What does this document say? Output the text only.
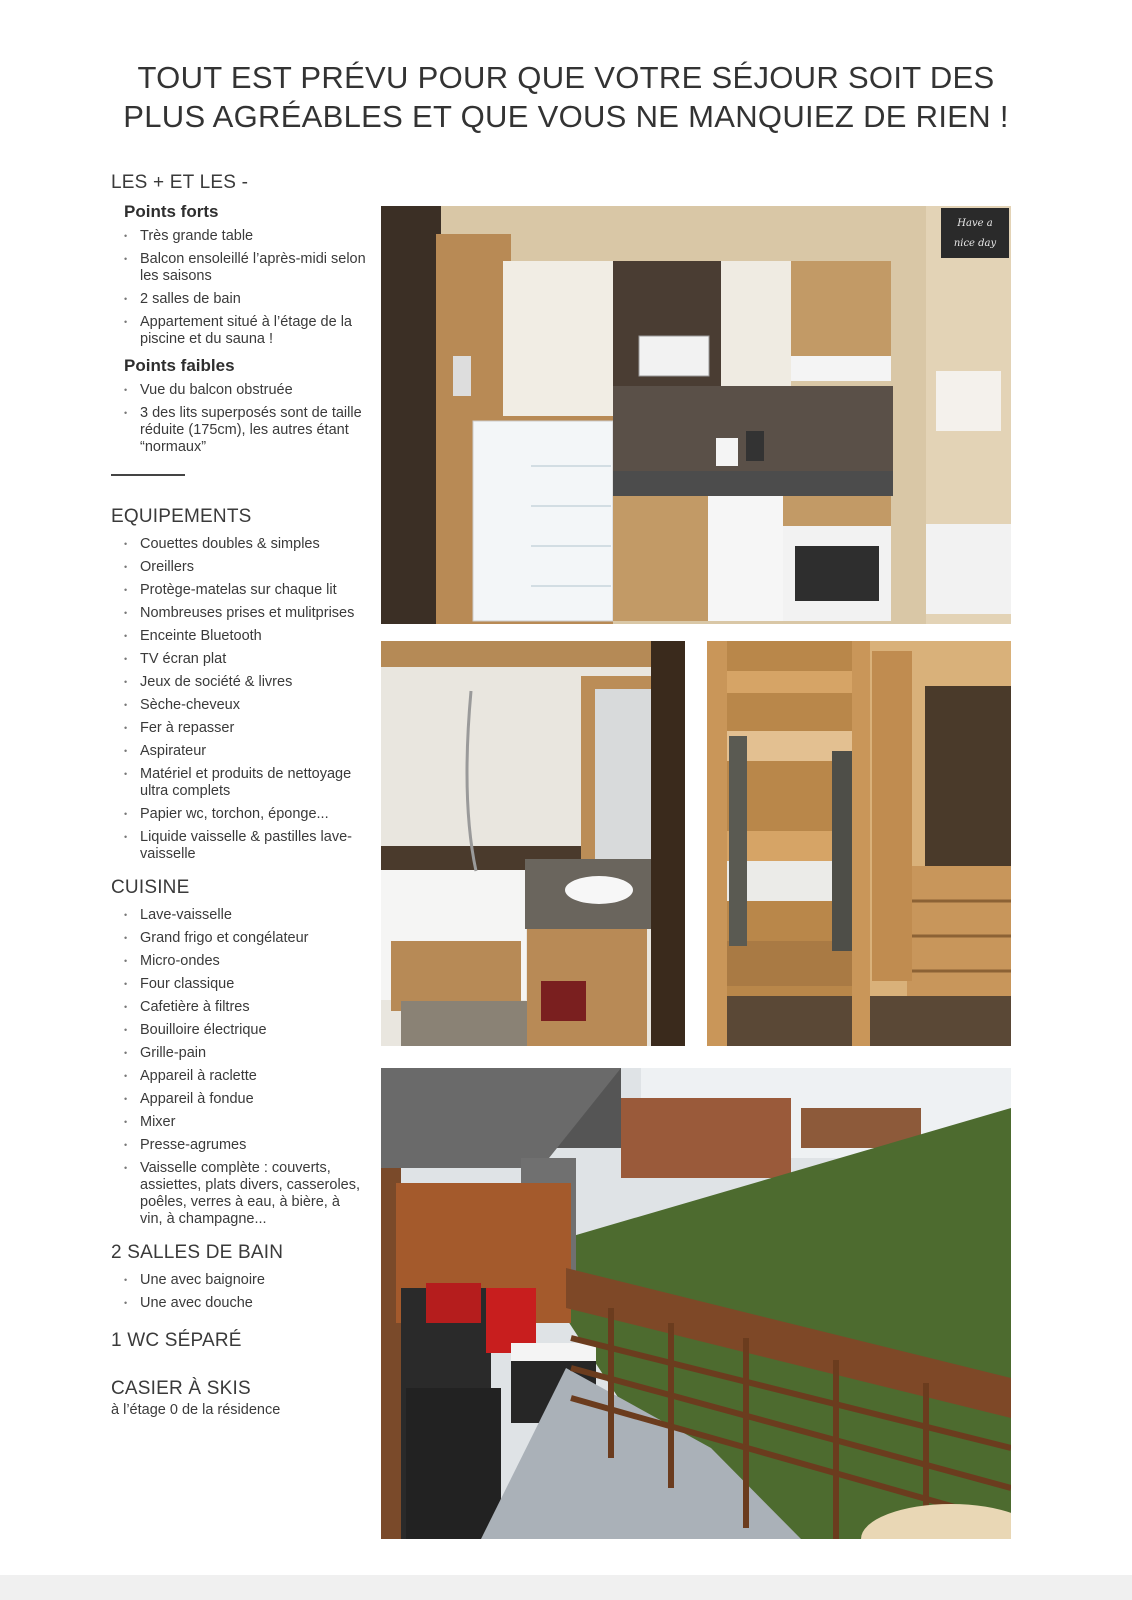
TOUT EST PRÉVU POUR QUE VOTRE SÉJOUR SOIT DES
PLUS AGRÉABLES ET QUE VOUS NE MANQUIEZ DE RIEN !
LES + ET LES -
Points forts
• Très grande table
• Balcon ensoleillé l’après-midi selon les saisons
• 2 salles de bain
• Appartement situé à l’étage de la piscine et du sauna !
Points faibles
• Vue du balcon obstruée
• 3 des lits superposés sont de taille réduite (175cm), les autres étant “normaux”
EQUIPEMENTS
• Couettes doubles & simples
• Oreillers
• Protège-matelas sur chaque lit
• Nombreuses prises et mulitprises
• Enceinte Bluetooth
• TV écran plat
• Jeux de société & livres
• Sèche-cheveux
• Fer à repasser
• Aspirateur
• Matériel et produits de nettoyage ultra complets
• Papier wc, torchon, éponge...
• Liquide vaisselle & pastilles lave-vaisselle
CUISINE
• Lave-vaisselle
• Grand frigo et congélateur
• Micro-ondes
• Four classique
• Cafetière à filtres
• Bouilloire électrique
• Grille-pain
• Appareil à raclette
• Appareil à fondue
• Mixer
• Presse-agrumes
• Vaisselle complète : couverts, assiettes, plats divers, casseroles, poêles, verres à eau, à bière, à vin, à champagne...
2 SALLES DE BAIN
• Une avec baignoire
• Une avec douche
1 WC SÉPARÉ
CASIER À SKIS
à l’étage 0 de la résidence
Have a
nice day
